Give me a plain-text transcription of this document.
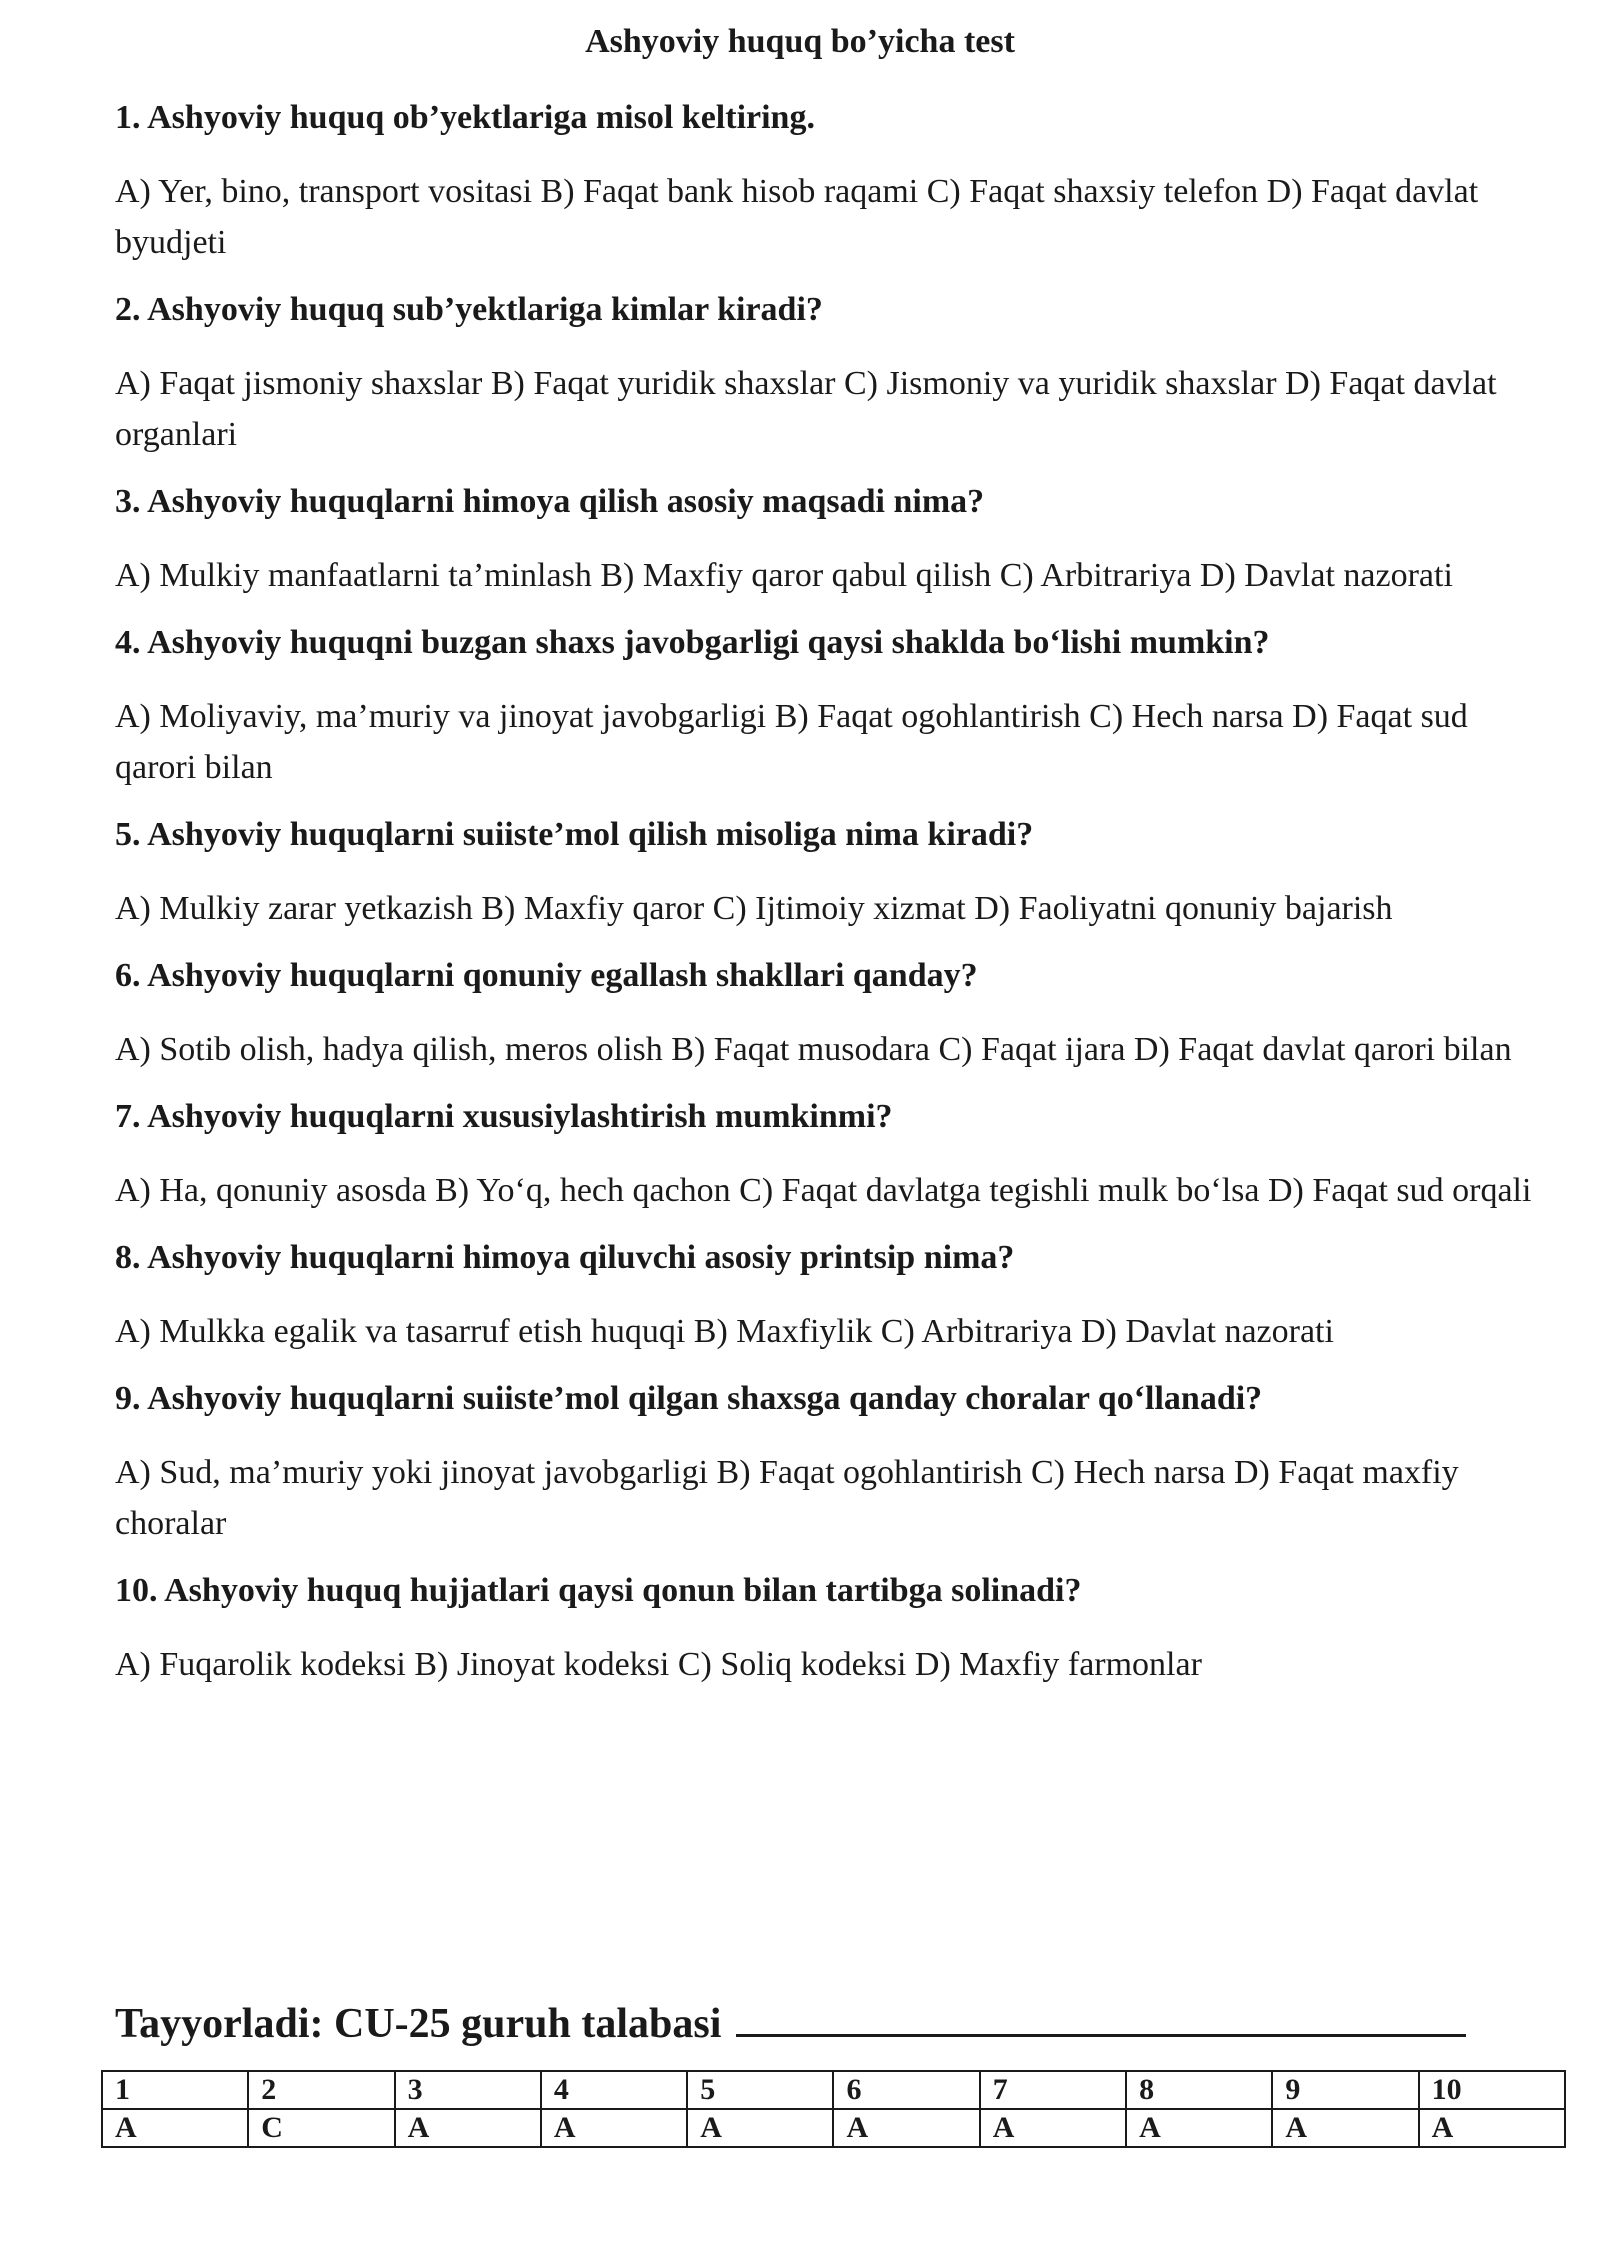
Ashyoviy huquq bo’yicha test

1. Ashyoviy huquq ob’yektlariga misol keltiring.

A) Yer, bino, transport vositasi B) Faqat bank hisob raqami C) Faqat shaxsiy telefon D) Faqat davlat byudjeti

2. Ashyoviy huquq sub’yektlariga kimlar kiradi?

A) Faqat jismoniy shaxslar B) Faqat yuridik shaxslar C) Jismoniy va yuridik shaxslar D) Faqat davlat organlari

3. Ashyoviy huquqlarni himoya qilish asosiy maqsadi nima?

A) Mulkiy manfaatlarni ta’minlash B) Maxfiy qaror qabul qilish C) Arbitrariya D) Davlat nazorati

4. Ashyoviy huquqni buzgan shaxs javobgarligi qaysi shaklda bo‘lishi mumkin?

A) Moliyaviy, ma’muriy va jinoyat javobgarligi B) Faqat ogohlantirish C) Hech narsa D) Faqat sud qarori bilan

5. Ashyoviy huquqlarni suiiste’mol qilish misoliga nima kiradi?

A) Mulkiy zarar yetkazish B) Maxfiy qaror C) Ijtimoiy xizmat D) Faoliyatni qonuniy bajarish

6. Ashyoviy huquqlarni qonuniy egallash shakllari qanday?

A) Sotib olish, hadya qilish, meros olish B) Faqat musodara C) Faqat ijara D) Faqat davlat qarori bilan

7. Ashyoviy huquqlarni xususiylashtirish mumkinmi?

A) Ha, qonuniy asosda B) Yo‘q, hech qachon C) Faqat davlatga tegishli mulk bo‘lsa D) Faqat sud orqali

8. Ashyoviy huquqlarni himoya qiluvchi asosiy printsip nima?

A) Mulkka egalik va tasarruf etish huquqi B) Maxfiylik C) Arbitrariya D) Davlat nazorati

9. Ashyoviy huquqlarni suiiste’mol qilgan shaxsga qanday choralar qo‘llanadi?

A) Sud, ma’muriy yoki jinoyat javobgarligi B) Faqat ogohlantirish C) Hech narsa D) Faqat maxfiy choralar

10. Ashyoviy huquq hujjatlari qaysi qonun bilan tartibga solinadi?

A) Fuqarolik kodeksi B) Jinoyat kodeksi C) Soliq kodeksi D) Maxfiy farmonlar

Tayyorladi: CU-25 guruh talabasi
1	2	3	4	5	6	7	8	9	10
A	C	A	A	A	A	A	A	A	A
